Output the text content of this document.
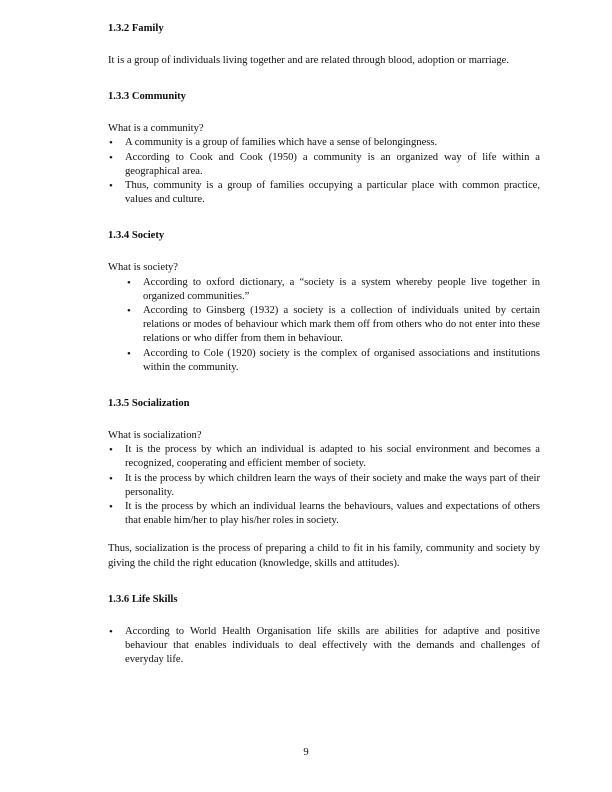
1.3.2 Family

It is a group of individuals living together and are related through blood, adoption or marriage.

1.3.3 Community

What is a community?

• A community is a group of families which have a sense of belongingness.
• According to Cook and Cook (1950) a community is an organized way of life within a geographical area.
• Thus, community is a group of families occupying a particular place with common practice, values and culture.
1.3.4 Society

What is society?

• According to oxford dictionary, a “society is a system whereby people live together in organized communities.”
• According to Ginsberg (1932) a society is a collection of individuals united by certain relations or modes of behaviour which mark them off from others who do not enter into these relations or who differ from them in behaviour.
• According to Cole (1920) society is the complex of organised associations and institutions within the community.
1.3.5 Socialization

What is socialization?

• It is the process by which an individual is adapted to his social environment and becomes a recognized, cooperating and efficient member of society.
• It is the process by which children learn the ways of their society and make the ways part of their personality.
• It is the process by which an individual learns the behaviours, values and expectations of others that enable him/her to play his/her roles in society.

Thus, socialization is the process of preparing a child to fit in his family, community and society by giving the child the right education (knowledge, skills and attitudes).

1.3.6 Life Skills
• According to World Health Organisation life skills are abilities for adaptive and positive behaviour that enables individuals to deal effectively with the demands and challenges of everyday life.
9
